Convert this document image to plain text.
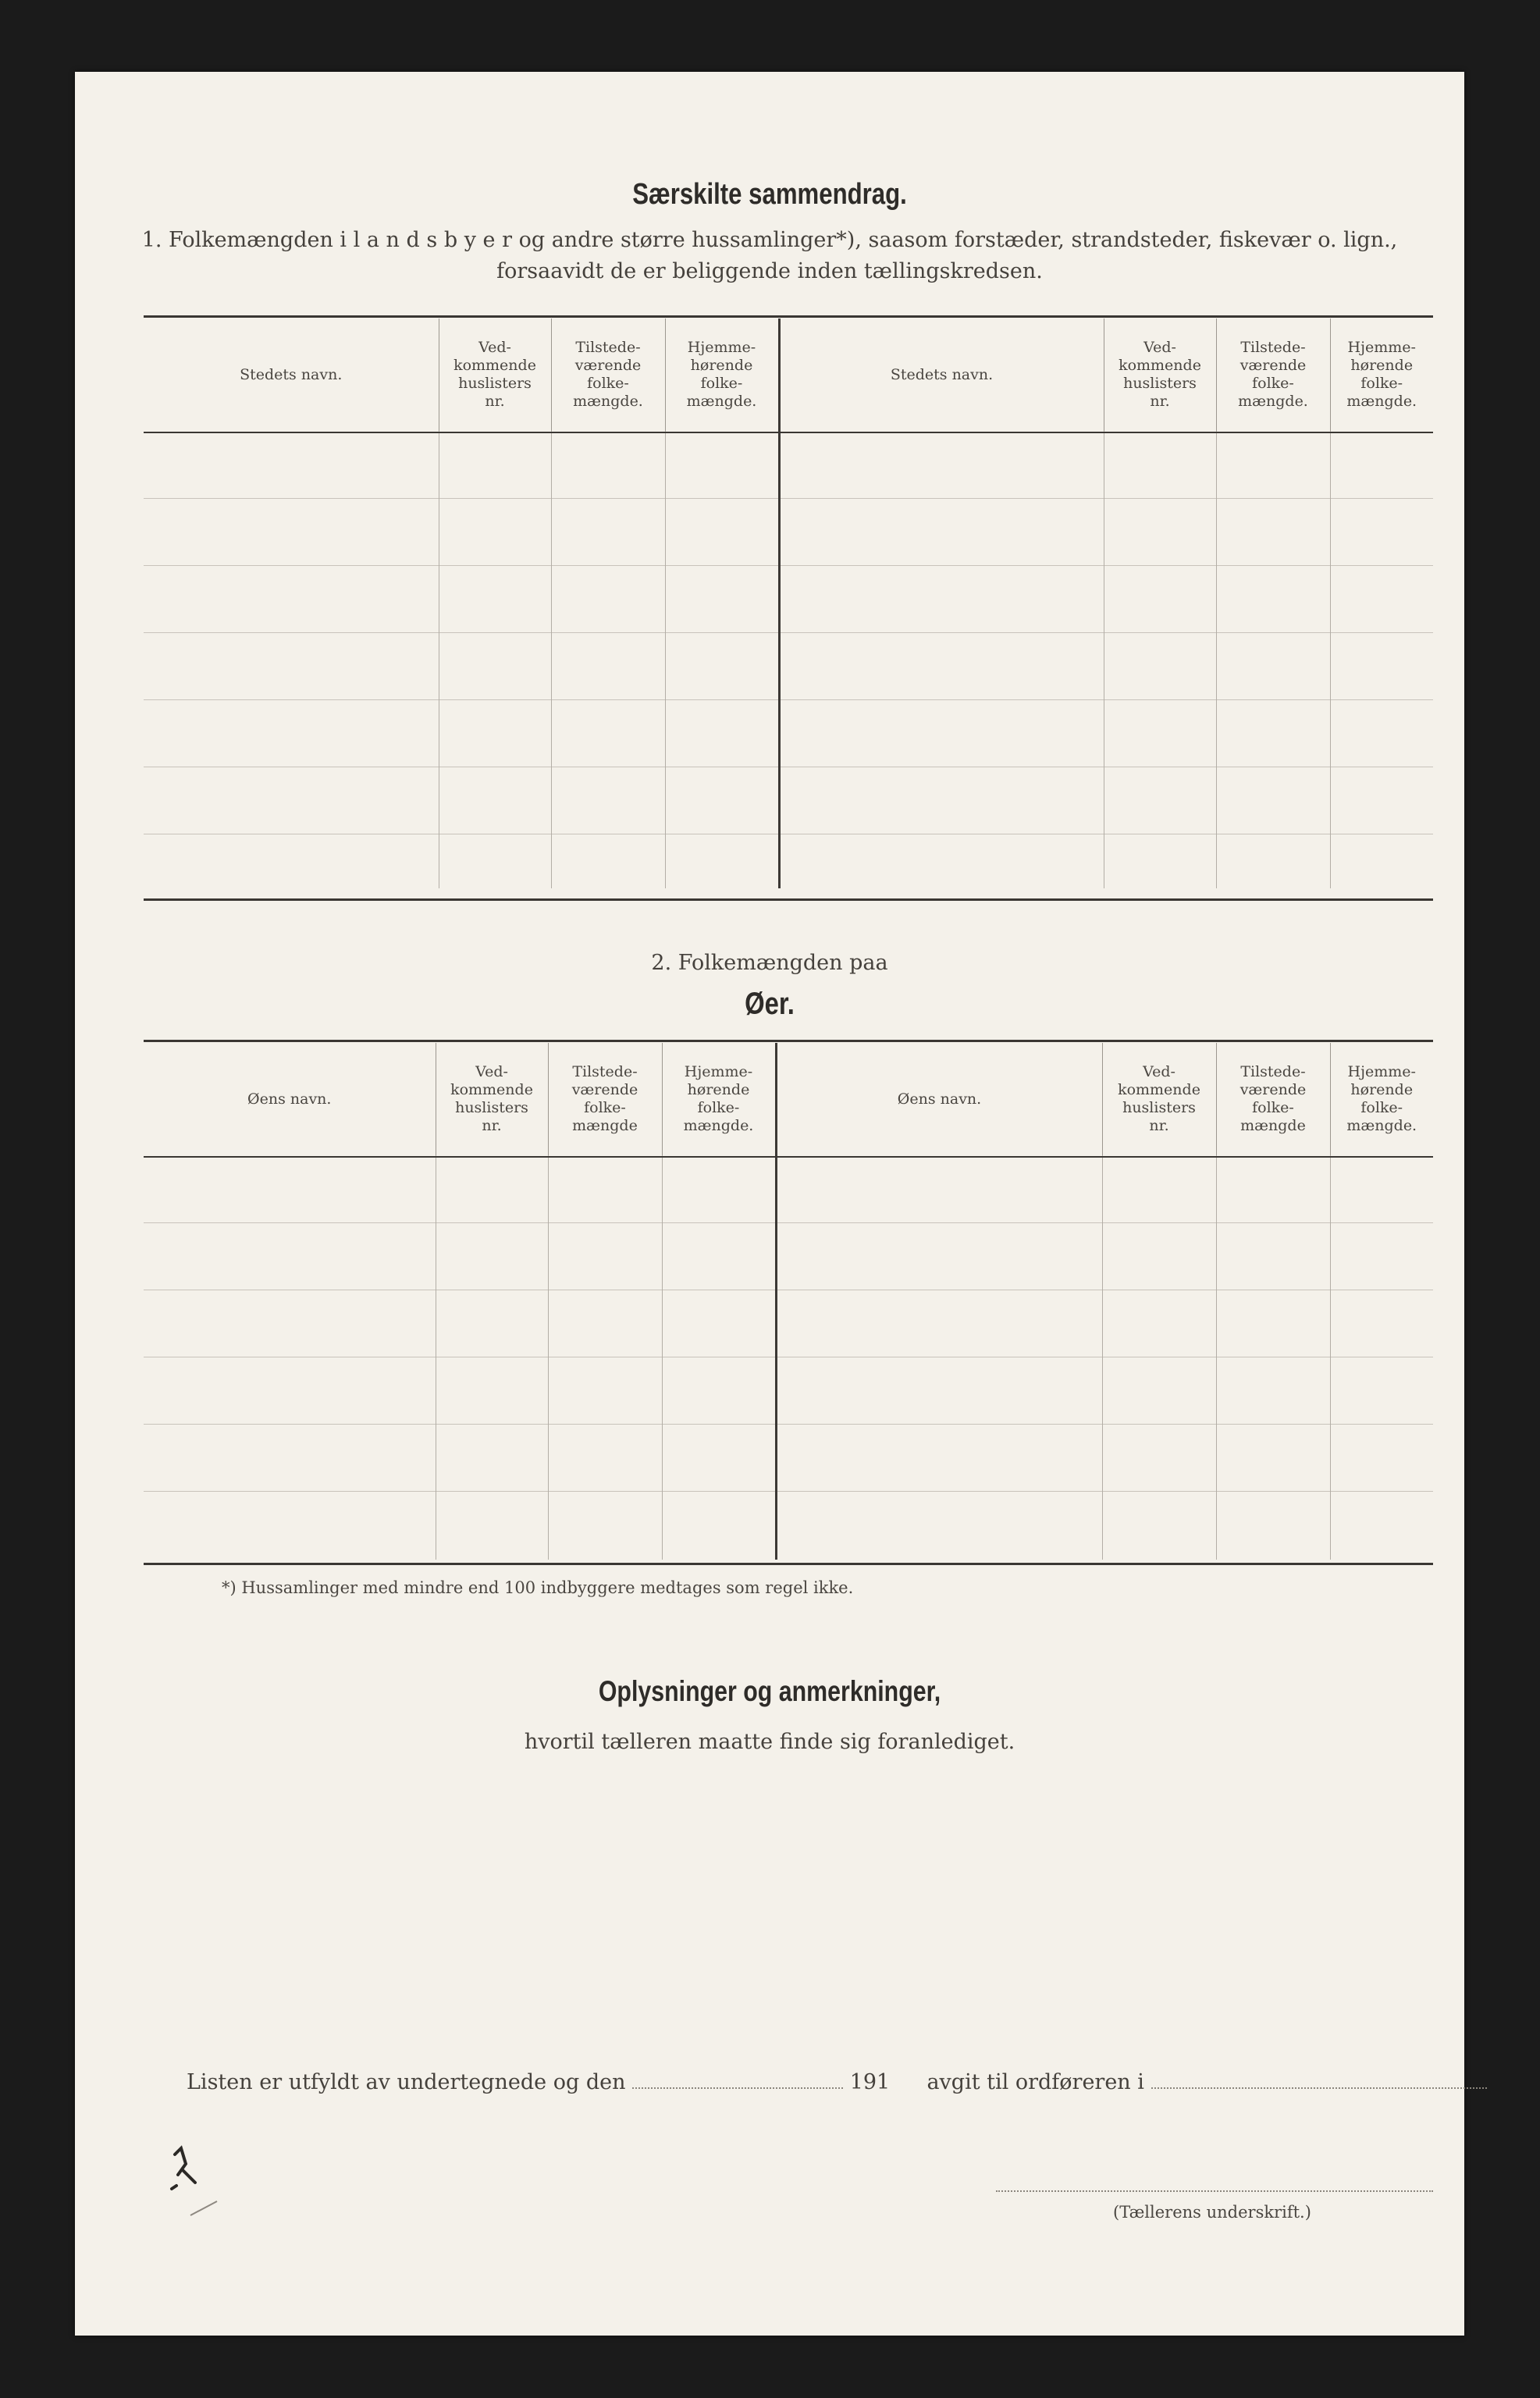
Særskilte sammendrag.
1. Folkemængden i l a n d s b y e r og andre større hussamlinger*), saasom forstæder, strandsteder, fiskevær o. lign.,
forsaavidt de er beliggende inden tællingskredsen.
Stedets navn.	Ved-
kommende
huslisters
nr.	Tilstede-
værende
folke-
mængde.	Hjemme-
hørende
folke-
mængde.	Stedets navn.	Ved-
kommende
huslisters
nr.	Tilstede-
værende
folke-
mængde.	Hjemme-
hørende
folke-
mængde.

2. Folkemængden paa
Øer.
Øens navn.	Ved-
kommende
huslisters
nr.	Tilstede-
værende
folke-
mængde	Hjemme-
hørende
folke-
mængde.	Øens navn.	Ved-
kommende
huslisters
nr.	Tilstede-
værende
folke-
mængde	Hjemme-
hørende
folke-
mængde.

*) Hussamlinger med mindre end 100 indbyggere medtages som regel ikke.
Oplysninger og anmerkninger,
hvortil tælleren maatte finde sig foranlediget.
Listen er utfyldt av undertegnede og den	191 avgit til ordføreren i
(Tællerens underskrift.)
